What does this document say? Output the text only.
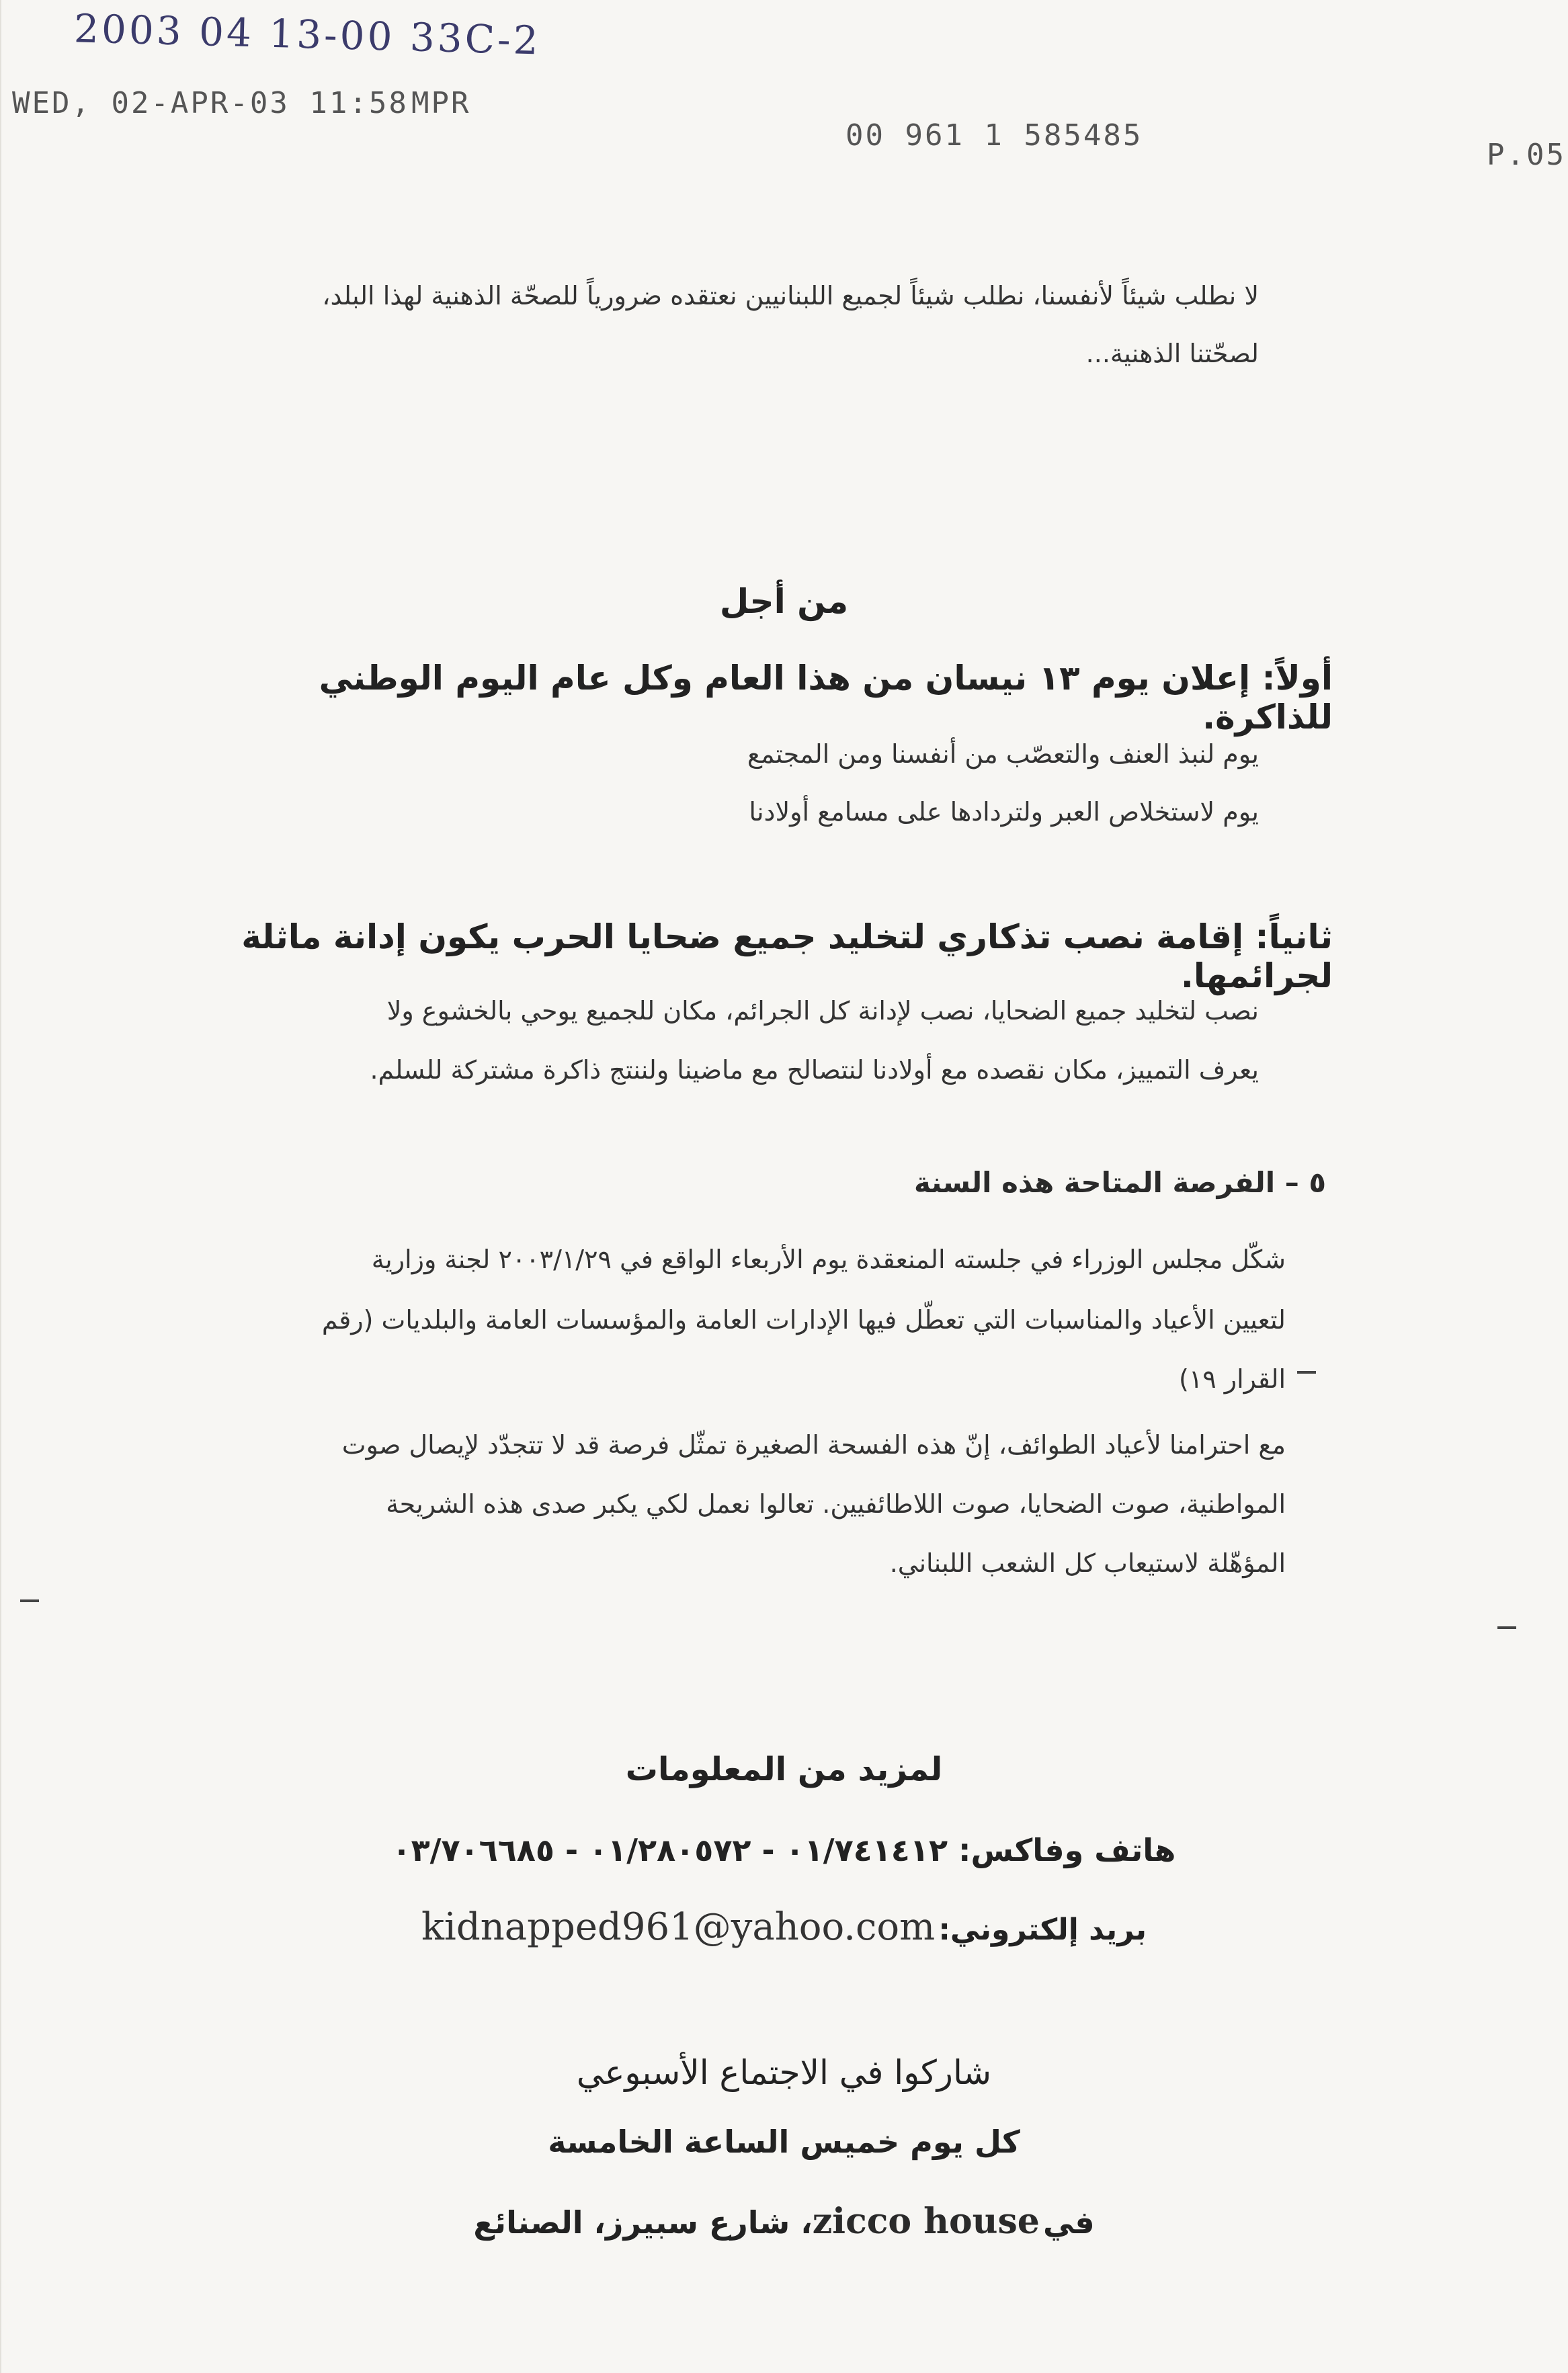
2003 04 13-00 33C-2
WED, 02-APR-03 11:58 MPR
00 961 1 585485
P.05
لا نطلب شيئاً لأنفسنا، نطلب شيئاً لجميع اللبنانيين نعتقده ضرورياً للصحّة الذهنية لهذا البلد،
لصحّتنا الذهنية...
من أجل
أولاً: إعلان يوم ١٣ نيسان من هذا العام وكل عام اليوم الوطني للذاكرة.
يوم لنبذ العنف والتعصّب من أنفسنا ومن المجتمع
يوم لاستخلاص العبر ولتردادها على مسامع أولادنا
ثانياً: إقامة نصب تذكاري لتخليد جميع ضحايا الحرب يكون إدانة ماثلة لجرائمها.
نصب لتخليد جميع الضحايا، نصب لإدانة كل الجرائم، مكان للجميع يوحي بالخشوع ولا
يعرف التمييز، مكان نقصده مع أولادنا لنتصالح مع ماضينا ولننتج ذاكرة مشتركة للسلم.
٥ – الفرصة المتاحة هذه السنة
شكّل مجلس الوزراء في جلسته المنعقدة يوم الأربعاء الواقع في ٢٠٠٣/١/٢٩ لجنة وزارية
لتعيين الأعياد والمناسبات التي تعطّل فيها الإدارات العامة والمؤسسات العامة والبلديات (رقم
القرار ١٩)
مع احترامنا لأعياد الطوائف، إنّ هذه الفسحة الصغيرة تمثّل فرصة قد لا تتجدّد لإيصال صوت
المواطنية، صوت الضحايا، صوت اللاطائفيين. تعالوا نعمل لكي يكبر صدى هذه الشريحة
المؤهّلة لاستيعاب كل الشعب اللبناني.
لمزيد من المعلومات
هاتف وفاكس: ٠١/٧٤١٤١٢ - ٠١/٢٨٠٥٧٢ - ٠٣/٧٠٦٦٨٥
بريد إلكتروني: kidnapped961@yahoo.com
شاركوا في الاجتماع الأسبوعي
كل يوم خميس الساعة الخامسة
في zicco house، شارع سبيرز، الصنائع
